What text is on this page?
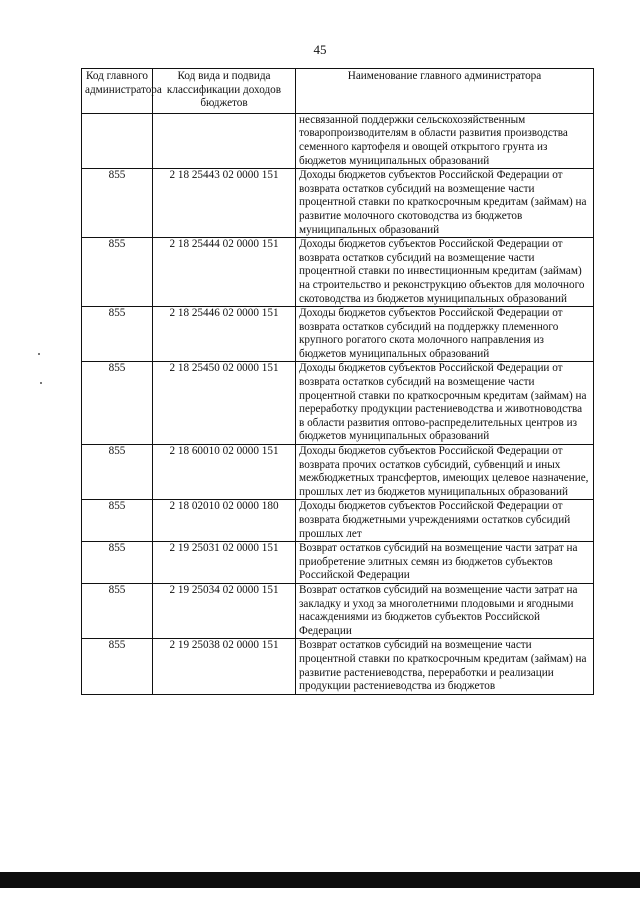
45
Код главного администратора	Код вида и подвида классификации доходов бюджетов	Наименование главного администратора
		несвязанной поддержки сельскохозяйственным товаропроизводителям в области развития производства семенного картофеля и овощей открытого грунта из бюджетов муниципальных образований
855	2 18 25443 02 0000 151	Доходы бюджетов субъектов Российской Федерации от возврата остатков субсидий на возмещение части процентной ставки по краткосрочным кредитам (займам) на развитие молочного скотоводства из бюджетов муниципальных образований
855	2 18 25444 02 0000 151	Доходы бюджетов субъектов Российской Федерации от возврата остатков субсидий на возмещение части процентной ставки по инвестиционным кредитам (займам) на строительство и реконструкцию объектов для молочного скотоводства из бюджетов муниципальных образований
855	2 18 25446 02 0000 151	Доходы бюджетов субъектов Российской Федерации от возврата остатков субсидий на поддержку племенного крупного рогатого скота молочного направления из бюджетов муниципальных образований
855	2 18 25450 02 0000 151	Доходы бюджетов субъектов Российской Федерации от возврата остатков субсидий на возмещение части процентной ставки по краткосрочным кредитам (займам) на переработку продукции растениеводства и животноводства в области развития оптово-распределительных центров из бюджетов муниципальных образований
855	2 18 60010 02 0000 151	Доходы бюджетов субъектов Российской Федерации от возврата прочих остатков субсидий, субвенций и иных межбюджетных трансфертов, имеющих целевое назначение, прошлых лет из бюджетов муниципальных образований
855	2 18 02010 02 0000 180	Доходы бюджетов субъектов Российской Федерации от возврата бюджетными учреждениями остатков субсидий прошлых лет
855	2 19 25031 02 0000 151	Возврат остатков субсидий на возмещение части затрат на приобретение элитных семян из бюджетов субъектов Российской Федерации
855	2 19 25034 02 0000 151	Возврат остатков субсидий на возмещение части затрат на закладку и уход за многолетними плодовыми и ягодными насаждениями из бюджетов субъектов Российской Федерации
855	2 19 25038 02 0000 151	Возврат остатков субсидий на возмещение части процентной ставки по краткосрочным кредитам (займам) на развитие растениеводства, переработки и реализации продукции растениеводства из бюджетов
